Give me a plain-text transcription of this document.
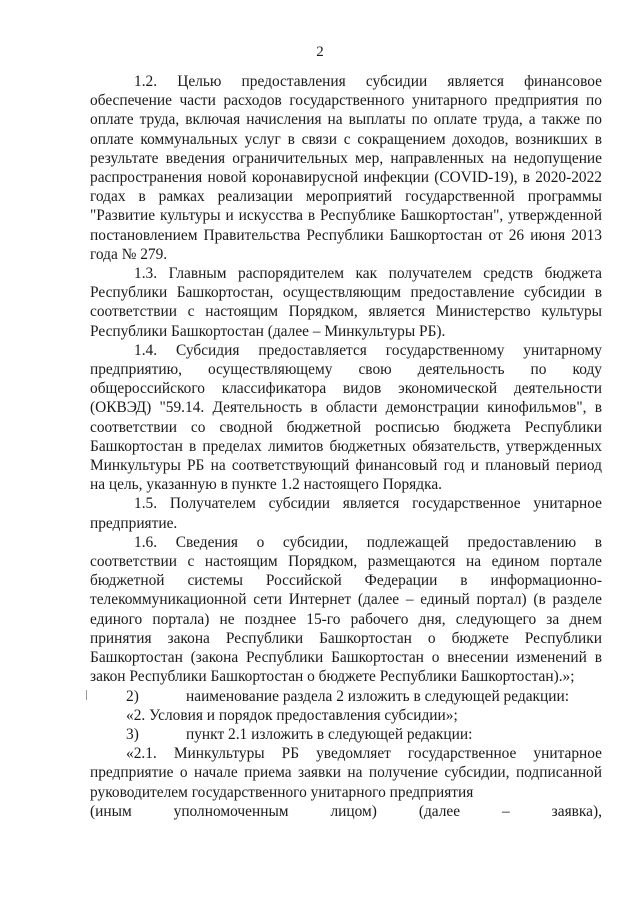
2

1.2. Целью предоставления субсидии является финансовое обеспечение части расходов государственного унитарного предприятия по оплате труда, включая начисления на выплаты по оплате труда, а также по оплате коммунальных услуг в связи с сокращением доходов, возникших в результате введения ограничительных мер, направленных на недопущение распространения новой коронавирусной инфекции (COVID-19), в 2020-2022 годах в рамках реализации мероприятий государственной программы "Развитие культуры и искусства в Республике Башкортостан", утвержденной постановлением Правительства Республики Башкортостан от 26 июня 2013 года № 279.

1.3. Главным распорядителем как получателем средств бюджета Республики Башкортостан, осуществляющим предоставление субсидии в соответствии с настоящим Порядком, является Министерство культуры Республики Башкортостан (далее – Минкультуры РБ).

1.4. Субсидия предоставляется государственному унитарному предприятию, осуществляющему свою деятельность по коду общероссийского классификатора видов экономической деятельности (ОКВЭД) "59.14. Деятельность в области демонстрации кинофильмов", в соответствии со сводной бюджетной росписью бюджета Республики Башкортостан в пределах лимитов бюджетных обязательств, утвержденных Минкультуры РБ на соответствующий финансовый год и плановый период на цель, указанную в пункте 1.2 настоящего Порядка.

1.5. Получателем субсидии является государственное унитарное предприятие.

1.6. Сведения о субсидии, подлежащей предоставлению в соответствии с настоящим Порядком, размещаются на едином портале бюджетной системы Российской Федерации в информационно-телекоммуникационной сети Интернет (далее – единый портал) (в разделе единого портала) не позднее 15-го рабочего дня, следующего за днем принятия закона Республики Башкортостан о бюджете Республики Башкортостан (закона Республики Башкортостан о внесении изменений в закон Республики Башкортостан о бюджете Республики Башкортостан).»;

2)	наименование раздела 2 изложить в следующей редакции:

«2. Условия и порядок предоставления субсидии»;

3)	пункт 2.1 изложить в следующей редакции:

«2.1. Минкультуры РБ уведомляет государственное унитарное предприятие о начале приема заявки на получение субсидии, подписанной руководителем государственного унитарного предприятия

(иным	уполномоченным	лицом)	(далее	–	заявка),
